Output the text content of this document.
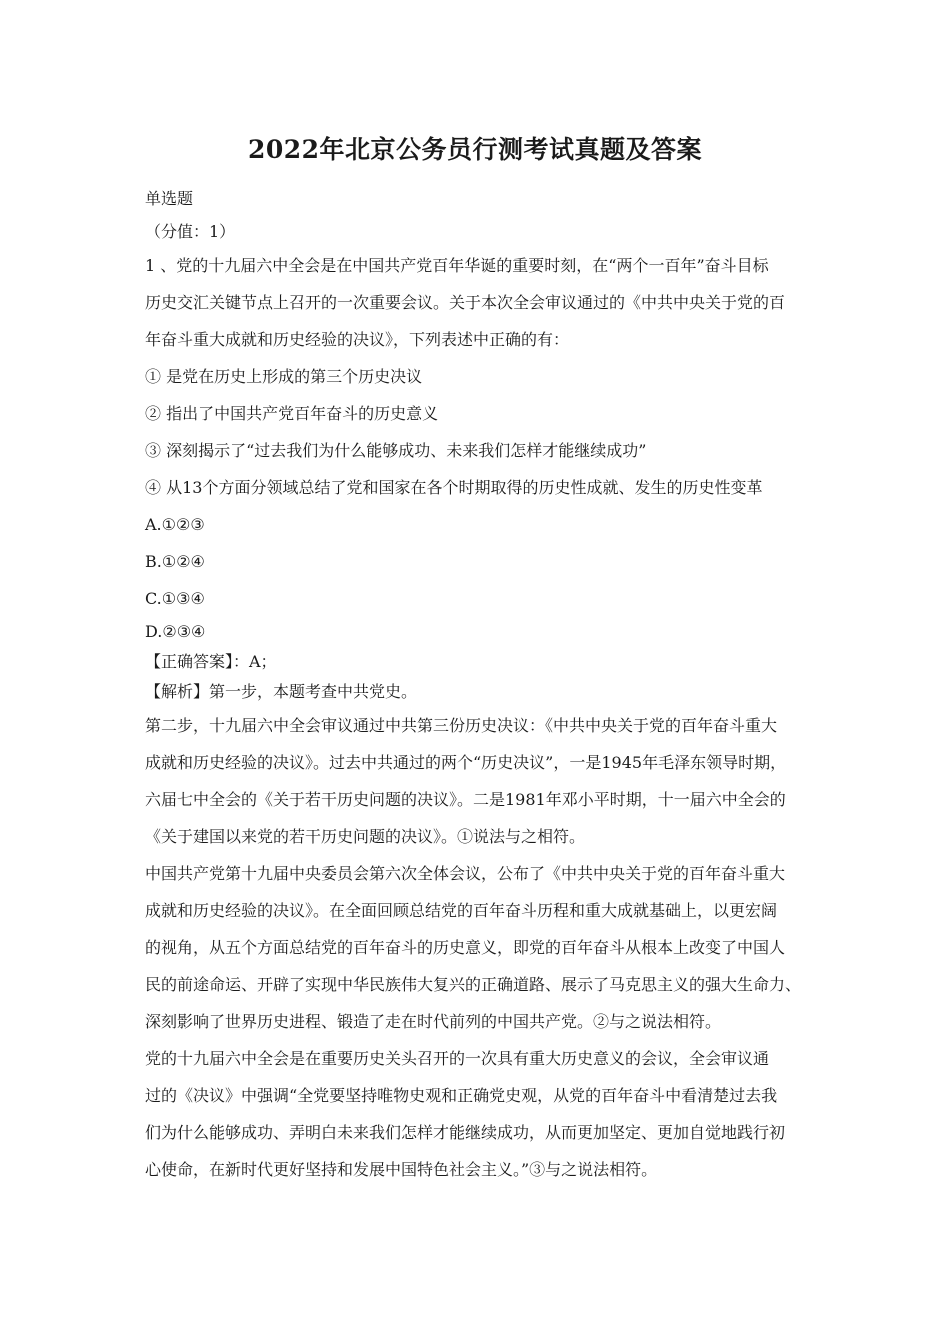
2022年北京公务员行测考试真题及答案
单选题
（分值：1）
1 、党的十九届六中全会是在中国共产党百年华诞的重要时刻，在“两个一百年”奋斗目标
历史交汇关键节点上召开的一次重要会议。关于本次全会审议通过的《中共中央关于党的百
年奋斗重大成就和历史经验的决议》，下列表述中正确的有：
① 是党在历史上形成的第三个历史决议
② 指出了中国共产党百年奋斗的历史意义
③ 深刻揭示了“过去我们为什么能够成功、未来我们怎样才能继续成功”
④ 从13个方面分领域总结了党和国家在各个时期取得的历史性成就、发生的历史性变革
A.①②③
B.①②④
C.①③④
D.②③④
【正确答案】：A；
【解析】第一步，本题考查中共党史。
第二步，十九届六中全会审议通过中共第三份历史决议：《中共中央关于党的百年奋斗重大
成就和历史经验的决议》。过去中共通过的两个“历史决议”，一是1945年毛泽东领导时期，
六届七中全会的《关于若干历史问题的决议》。二是1981年邓小平时期，十一届六中全会的
《关于建国以来党的若干历史问题的决议》。①说法与之相符。
中国共产党第十九届中央委员会第六次全体会议，公布了《中共中央关于党的百年奋斗重大
成就和历史经验的决议》。在全面回顾总结党的百年奋斗历程和重大成就基础上，以更宏阔
的视角，从五个方面总结党的百年奋斗的历史意义，即党的百年奋斗从根本上改变了中国人
民的前途命运、开辟了实现中华民族伟大复兴的正确道路、展示了马克思主义的强大生命力、
深刻影响了世界历史进程、锻造了走在时代前列的中国共产党。②与之说法相符。
党的十九届六中全会是在重要历史关头召开的一次具有重大历史意义的会议，全会审议通
过的《决议》中强调“全党要坚持唯物史观和正确党史观，从党的百年奋斗中看清楚过去我
们为什么能够成功、弄明白未来我们怎样才能继续成功，从而更加坚定、更加自觉地践行初
心使命，在新时代更好坚持和发展中国特色社会主义。”③与之说法相符。
